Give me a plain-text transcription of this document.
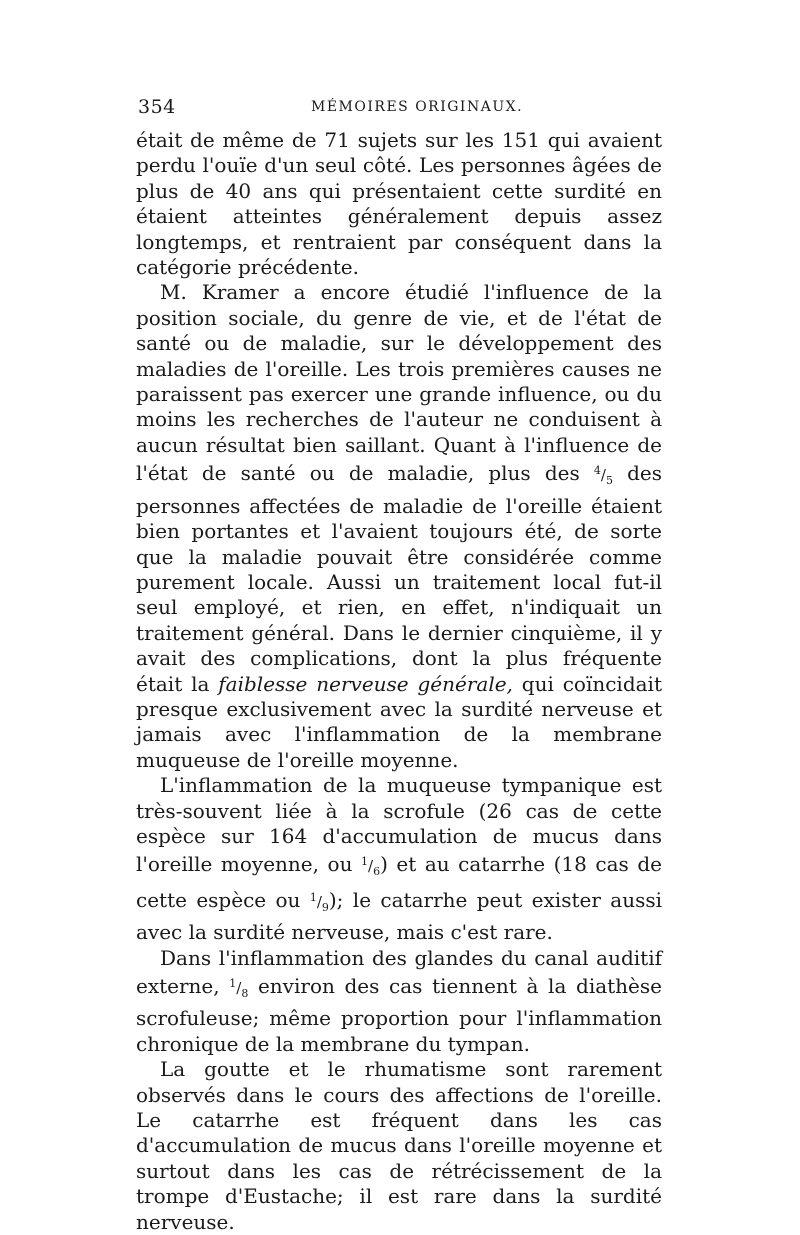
354	MÉMOIRES ORIGINAUX.

était de même de 71 sujets sur les 151 qui avaient perdu l'ouïe d'un seul côté. Les personnes âgées de plus de 40 ans qui présentaient cette surdité en étaient atteintes généralement depuis assez longtemps, et rentraient par conséquent dans la catégorie précédente.

M. Kramer a encore étudié l'influence de la position sociale, du genre de vie, et de l'état de santé ou de maladie, sur le développement des maladies de l'oreille. Les trois premières causes ne paraissent pas exercer une grande influence, ou du moins les recherches de l'auteur ne conduisent à aucun résultat bien saillant. Quant à l'influence de l'état de santé ou de maladie, plus des $^4/_5$ des personnes affectées de maladie de l'oreille étaient bien portantes et l'avaient toujours été, de sorte que la maladie pouvait être considérée comme purement locale. Aussi un traitement local fut-il seul employé, et rien, en effet, n'indiquait un traitement général. Dans le dernier cinquième, il y avait des complications, dont la plus fréquente était la faiblesse nerveuse générale, qui coïncidait presque exclusivement avec la surdité nerveuse et jamais avec l'inflammation de la membrane muqueuse de l'oreille moyenne.

L'inflammation de la muqueuse tympanique est très-souvent liée à la scrofule (26 cas de cette espèce sur 164 d'accumulation de mucus dans l'oreille moyenne, ou $^1/_6$) et au catarrhe (18 cas de cette espèce ou $^1/_9$); le catarrhe peut exister aussi avec la surdité nerveuse, mais c'est rare.

Dans l'inflammation des glandes du canal auditif externe, $^1/_8$ environ des cas tiennent à la diathèse scrofuleuse; même proportion pour l'inflammation chronique de la membrane du tympan.

La goutte et le rhumatisme sont rarement observés dans le cours des affections de l'oreille. Le catarrhe est fréquent dans les cas d'accumulation de mucus dans l'oreille moyenne et surtout dans les cas de rétrécissement de la trompe d'Eustache; il est rare dans la surdité nerveuse.
